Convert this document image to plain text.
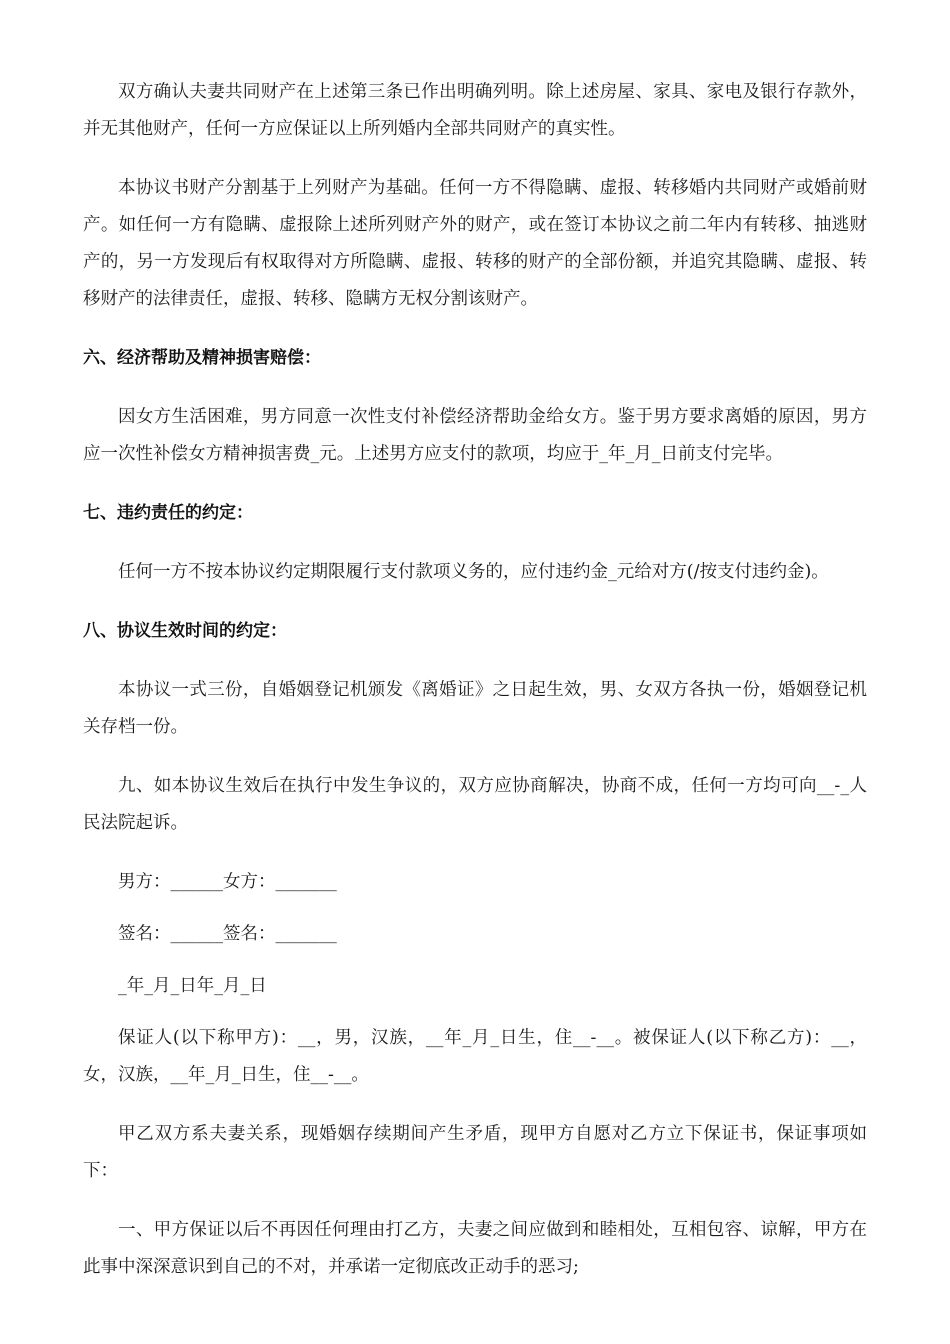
双方确认夫妻共同财产在上述第三条已作出明确列明。除上述房屋、家具、家电及银行存款外，并无其他财产，任何一方应保证以上所列婚内全部共同财产的真实性。

本协议书财产分割基于上列财产为基础。任何一方不得隐瞒、虚报、转移婚内共同财产或婚前财产。如任何一方有隐瞒、虚报除上述所列财产外的财产，或在签订本协议之前二年内有转移、抽逃财产的，另一方发现后有权取得对方所隐瞒、虚报、转移的财产的全部份额，并追究其隐瞒、虚报、转移财产的法律责任，虚报、转移、隐瞒方无权分割该财产。

六、经济帮助及精神损害赔偿：

因女方生活困难，男方同意一次性支付补偿经济帮助金给女方。鉴于男方要求离婚的原因，男方应一次性补偿女方精神损害费_元。上述男方应支付的款项，均应于_年_月_日前支付完毕。

七、违约责任的约定：

任何一方不按本协议约定期限履行支付款项义务的，应付违约金_元给对方(/按支付违约金)。

八、协议生效时间的约定：

本协议一式三份，自婚姻登记机颁发《离婚证》之日起生效，男、女双方各执一份，婚姻登记机关存档一份。

九、如本协议生效后在执行中发生争议的，双方应协商解决，协商不成，任何一方均可向__-_人民法院起诉。

男方：______女方：_______

签名：______签名：_______

_年_月_日年_月_日

保证人(以下称甲方)：__，男，汉族，__年_月_日生，住__-__。被保证人(以下称乙方)：__，女，汉族，__年_月_日生，住__-__。

甲乙双方系夫妻关系，现婚姻存续期间产生矛盾，现甲方自愿对乙方立下保证书，保证事项如下：

一、甲方保证以后不再因任何理由打乙方，夫妻之间应做到和睦相处，互相包容、谅解，甲方在此事中深深意识到自己的不对，并承诺一定彻底改正动手的恶习;
